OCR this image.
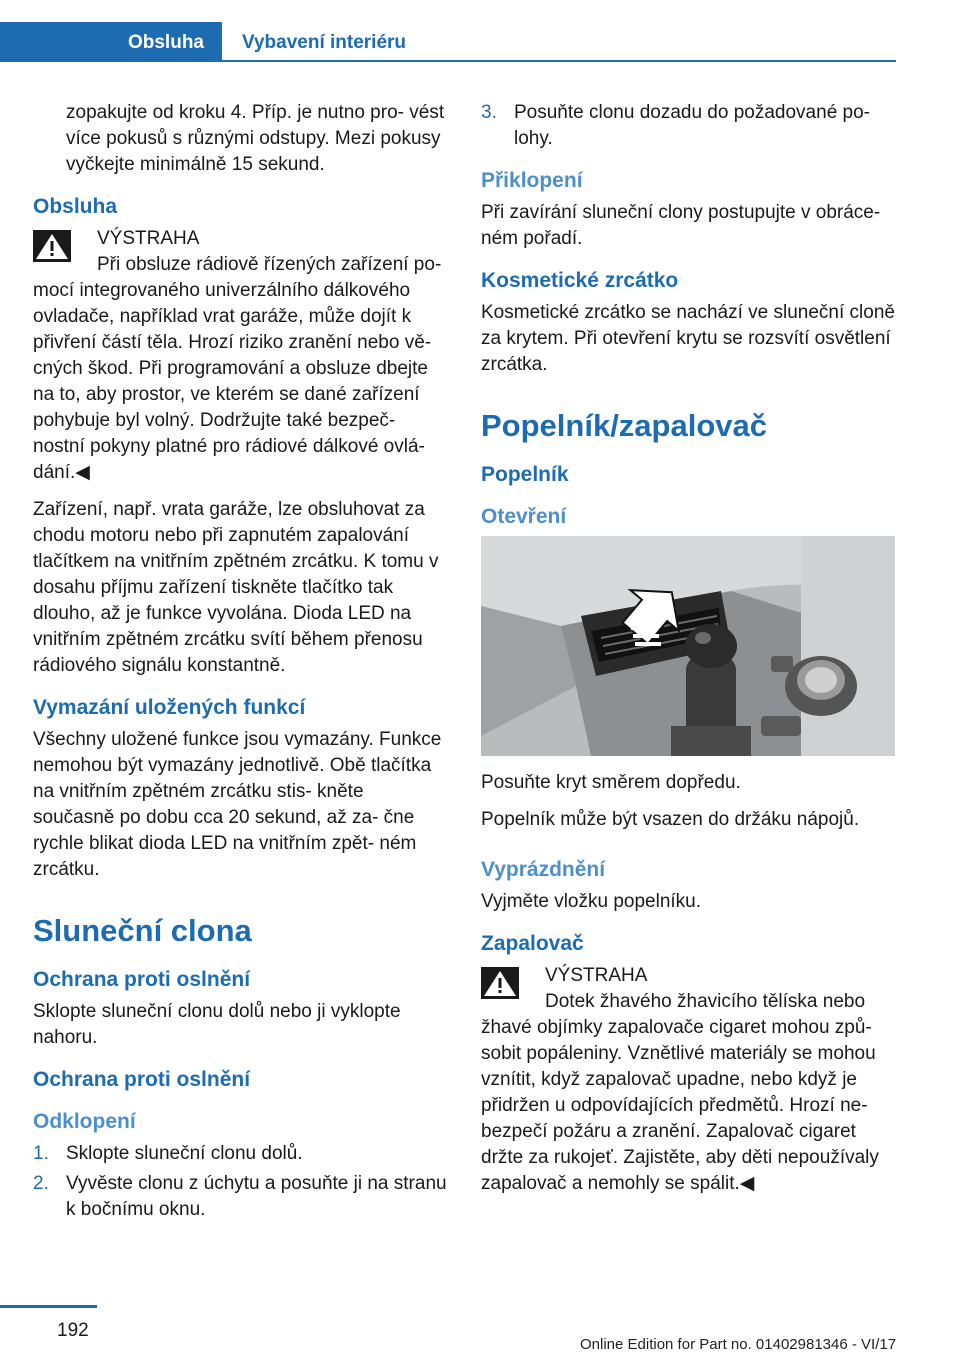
Obsluha	Vybavení interiéru

zopakujte od kroku 4. Příp. je nutno pro‐ vést více pokusů s různými odstupy. Mezi pokusy vyčkejte minimálně 15 sekund.

Obsluha
VÝSTRAHA
Při obsluze rádiově řízených zařízení po‐
mocí integrovaného univerzálního dálkového ovladače, například vrat garáže, může dojít k přivření částí těla. Hrozí riziko zranění nebo vě‐ cných škod. Při programování a obsluze dbejte na to, aby prostor, ve kterém se dané zařízení pohybuje byl volný. Dodržujte také bezpeč‐ nostní pokyny platné pro rádiové dálkové ovlá‐ dání.◀

Zařízení, např. vrata garáže, lze obsluhovat za chodu motoru nebo při zapnutém zapalování tlačítkem na vnitřním zpětném zrcátku. K tomu v dosahu příjmu zařízení tiskněte tlačítko tak dlouho, až je funkce vyvolána. Dioda LED na vnitřním zpětném zrcátku svítí během přenosu rádiového signálu konstantně.

Vymazání uložených funkcí

Všechny uložené funkce jsou vymazány. Funkce nemohou být vymazány jednotlivě. Obě tlačítka na vnitřním zpětném zrcátku stis‐ kněte současně po dobu cca 20 sekund, až za‐ čne rychle blikat dioda LED na vnitřním zpět‐ ném zrcátku.

Sluneční clona
Ochrana proti oslnění

Sklopte sluneční clonu dolů nebo ji vyklopte nahoru.

Ochrana proti oslnění
Odklopení
1. Sklopte sluneční clonu dolů.
2. Vyvěste clonu z úchytu a posuňte ji na stranu k bočnímu oknu.
3. Posuňte clonu dozadu do požadované po‐ lohy.
Přiklopení

Při zavírání sluneční clony postupujte v obráce‐ ném pořadí.

Kosmetické zrcátko

Kosmetické zrcátko se nachází ve sluneční cloně za krytem. Při otevření krytu se rozsvítí osvětlení zrcátka.

Popelník/zapalovač
Popelník
Otevření

Posuňte kryt směrem dopředu.

Popelník může být vsazen do držáku nápojů.

Vyprázdnění

Vyjměte vložku popelníku.

Zapalovač
VÝSTRAHA
Dotek žhavého žhavicího tělíska nebo
žhavé objímky zapalovače cigaret mohou způ‐ sobit popáleniny. Vznětlivé materiály se mohou vznítit, když zapalovač upadne, nebo když je přidržen u odpovídajících předmětů. Hrozí ne‐ bezpečí požáru a zranění. Zapalovač cigaret držte za rukojeť. Zajistěte, aby děti nepoužívaly zapalovač a nemohly se spálit.◀
192
Online Edition for Part no. 01402981346 - VI/17
